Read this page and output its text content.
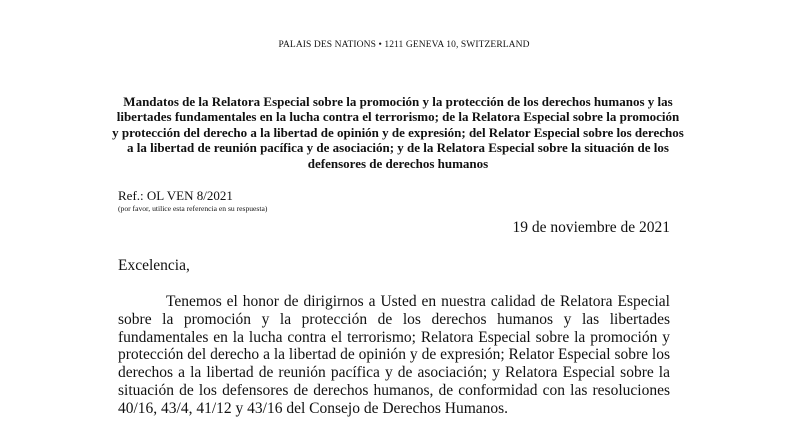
PALAIS DES NATIONS • 1211 GENEVA 10, SWITZERLAND
Mandatos de la Relatora Especial sobre la promoción y la protección de los derechos humanos y las libertades fundamentales en la lucha contra el terrorismo; de la Relatora Especial sobre la promoción y protección del derecho a la libertad de opinión y de expresión; del Relator Especial sobre los derechos a la libertad de reunión pacífica y de asociación; y de la Relatora Especial sobre la situación de los defensores de derechos humanos
Ref.: OL VEN 8/2021
(por favor, utilice esta referencia en su respuesta)
19 de noviembre de 2021
Excelencia,

Tenemos el honor de dirigirnos a Usted en nuestra calidad de Relatora Especial sobre la promoción y la protección de los derechos humanos y las libertades fundamentales en la lucha contra el terrorismo; Relatora Especial sobre la promoción y protección del derecho a la libertad de opinión y de expresión; Relator Especial sobre los derechos a la libertad de reunión pacífica y de asociación; y Relatora Especial sobre la situación de los defensores de derechos humanos, de conformidad con las resoluciones 40/16, 43/4, 41/12 y 43/16 del Consejo de Derechos Humanos.
